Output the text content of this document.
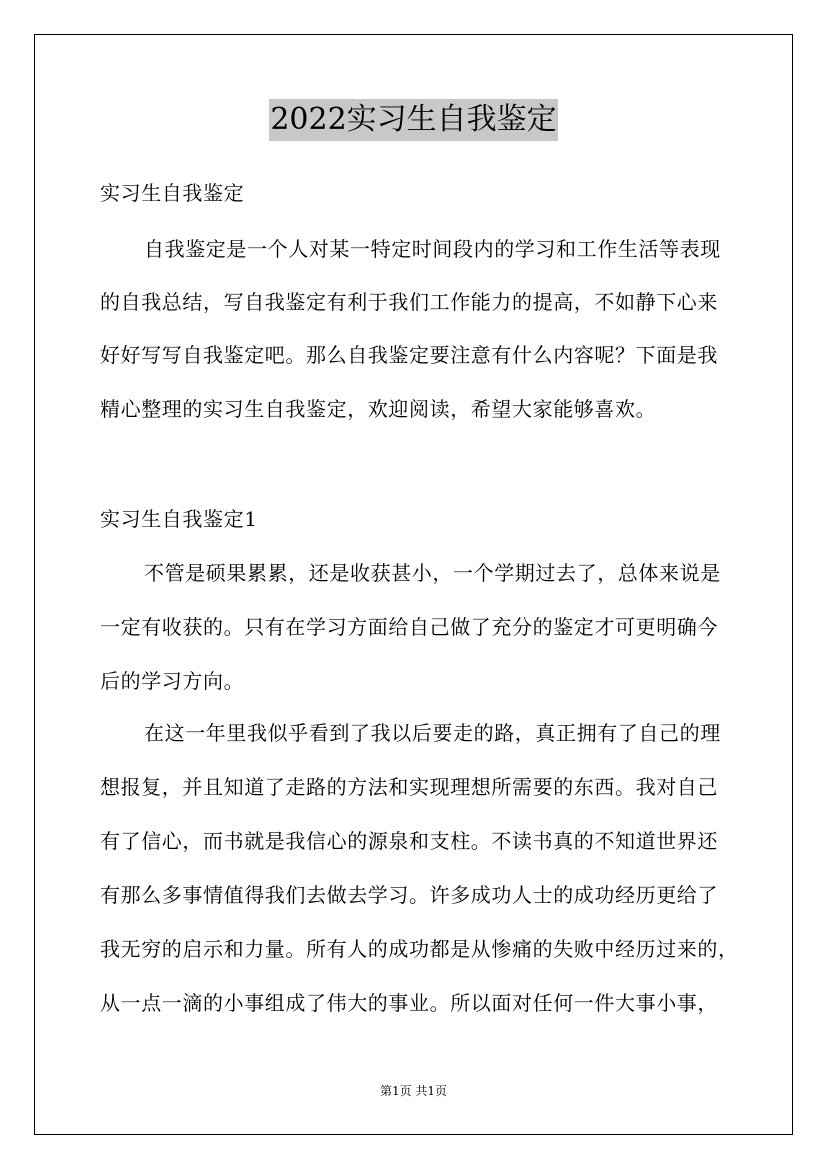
2022实习生自我鉴定
实习生自我鉴定
自我鉴定是一个人对某一特定时间段内的学习和工作生活等表现
的自我总结，写自我鉴定有利于我们工作能力的提高，不如静下心来
好好写写自我鉴定吧。那么自我鉴定要注意有什么内容呢？下面是我
精心整理的实习生自我鉴定，欢迎阅读，希望大家能够喜欢。
实习生自我鉴定1
不管是硕果累累，还是收获甚小，一个学期过去了，总体来说是
一定有收获的。只有在学习方面给自己做了充分的鉴定才可更明确今
后的学习方向。
在这一年里我似乎看到了我以后要走的路，真正拥有了自己的理
想报复，并且知道了走路的方法和实现理想所需要的东西。我对自己
有了信心，而书就是我信心的源泉和支柱。不读书真的不知道世界还
有那么多事情值得我们去做去学习。许多成功人士的成功经历更给了
我无穷的启示和力量。所有人的成功都是从惨痛的失败中经历过来的，
从一点一滴的小事组成了伟大的事业。所以面对任何一件大事小事，
第1页 共1页
